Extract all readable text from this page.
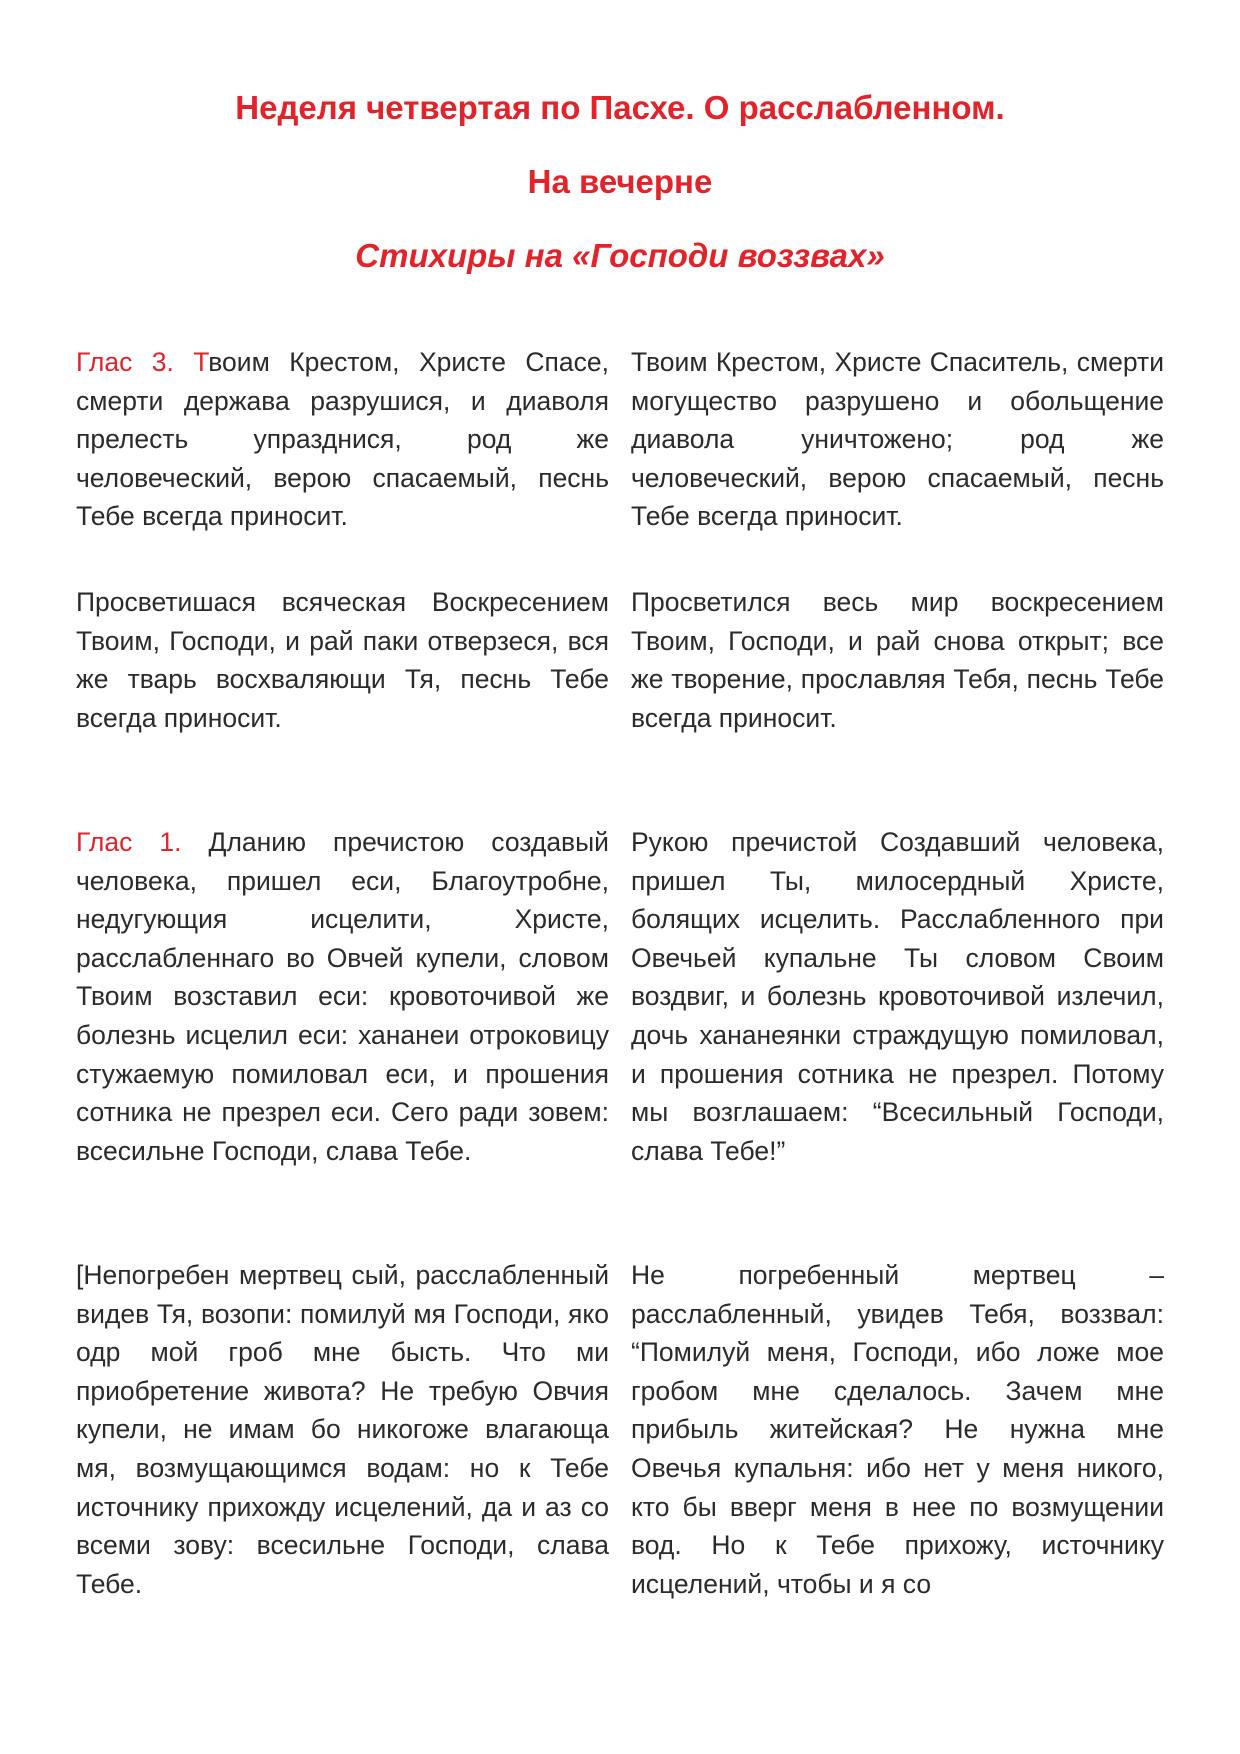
Неделя четвертая по Пасхе. О расслабленном.
На вечерне
Стихиры на «Господи воззвах»

Глас 3. Твоим Крестом, Христе Спасе, смерти держава разрушися, и диаволя прелесть упразднися, род же человеческий, верою спасаемый, песнь Тебе всегда приносит.

Просветишася всяческая Воскресением Твоим, Господи, и рай паки отверзеся, вся же тварь восхваляющи Тя, песнь Тебе всегда приносит.

Глас 1. Дланию пречистою создавый человека, пришел еси, Благоутробне, недугующия исцелити, Христе, расслабленнаго во Овчей купели, словом Твоим возставил еси: кровоточивой же болезнь исцелил еси: хананеи отроковицу стужаемую помиловал еси, и прошения сотника не презрел еси. Сего ради зовем: всесильне Господи, слава Тебе.

[Непогребен мертвец сый, расслабленный видев Тя, возопи: помилуй мя Господи, яко одр мой гроб мне бысть. Что ми приобретение живота? Не требую Овчия купели, не имам бо никогоже влагающа мя, возмущающимся водам: но к Тебе источнику прихожду исцелений, да и аз со всеми зову: всесильне Господи, слава Тебе.

Твоим Крестом, Христе Спаситель, смерти могущество разрушено и обольщение диавола уничтожено; род же человеческий, верою спасаемый, песнь Тебе всегда приносит.

Просветился весь мир воскресением Твоим, Господи, и рай снова открыт; все же творение, прославляя Тебя, песнь Тебе всегда приносит.

Рукою пречистой Создавший человека, пришел Ты, милосердный Христе, болящих исцелить. Расслабленного при Овечьей купальне Ты словом Своим воздвиг, и болезнь кровоточивой излечил, дочь хананеянки страждущую помиловал, и прошения сотника не презрел. Потому мы возглашаем: “Всесильный Господи, слава Тебе!”

Не погребенный мертвец – расслабленный, увидев Тебя, воззвал: “Помилуй меня, Господи, ибо ложе мое гробом мне сделалось. Зачем мне прибыль житейская? Не нужна мне Овечья купальня: ибо нет у меня никого, кто бы вверг меня в нее по возмущении вод. Но к Тебе прихожу, источнику исцелений, чтобы и я со
